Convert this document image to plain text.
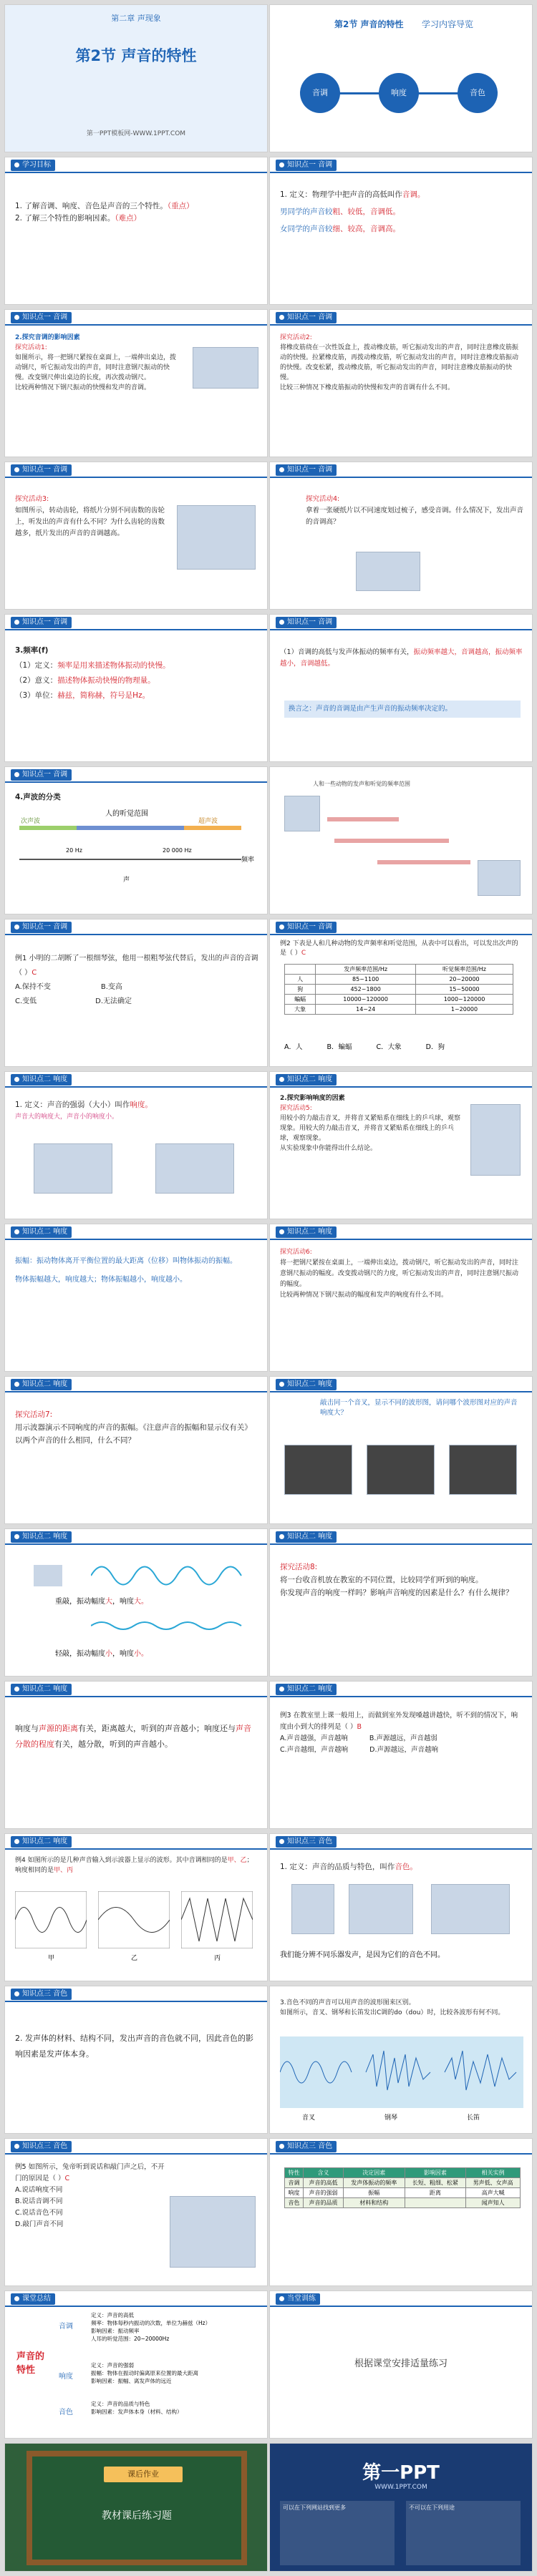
第二章 声现象
第2节 声音的特性
第一PPT模板网-WWW.1PPT.COM
第2节 声音的特性 学习内容导览
音调	响度	音色
学习目标
1. 了解音调、响度、音色是声音的三个特性。（重点）
2. 了解三个特性的影响因素。（难点）
知识点一 音调
1. 定义：物理学中把声音的高低叫作音调。
男同学的声音较粗、较低，音调低。
女同学的声音较细、较高，音调高。
知识点一 音调
2.探究音调的影响因素
探究活动1:
如图所示，将一把钢尺紧按在桌面上，一端伸出桌边，拨动钢尺，听它振动发出的声音，同时注意钢尺振动的快慢。改变钢尺伸出桌边的长度，再次拨动钢尺。
比较两种情况下钢尺振动的快慢和发声的音调。
知识点一 音调
探究活动2:
将橡皮筋绕在一次性饭盒上，拨动橡皮筋，听它振动发出的声音，同时注意橡皮筋振动的快慢。拉紧橡皮筋，再拨动橡皮筋，听它振动发出的声音，同时注意橡皮筋振动的快慢。改变松紧，拨动橡皮筋，听它振动发出的声音，同时注意橡皮筋振动的快慢。
比较三种情况下橡皮筋振动的快慢和发声的音调有什么不同。
知识点一 音调
探究活动3:
如图所示，转动齿轮，将纸片分别不同齿数的齿轮上，听发出的声音有什么不同？为什么齿轮的齿数越多，纸片发出的声音的音调越高。
知识点一 音调
探究活动4:
拿着一张硬纸片以不同速度划过梳子，感受音调。什么情况下，发出声音的音调高？
知识点一 音调
3.频率(f)
（1）定义：频率是用来描述物体振动的快慢。
（2）意义：描述物体振动快慢的物理量。
（3）单位：赫兹，简称赫，符号是Hz。
知识点一 音调
（1）音调的高低与发声体振动的频率有关，振动频率越大，音调越高，振动频率越小，音调越低。
换言之：声音的音调是由产生声音的振动频率决定的。
知识点一 音调
4.声波的分类
人的听觉范围
次声波	超声波
20 Hz	20 000 Hz
频率
声
人和一些动物的发声和听觉的频率范围
知识点一 音调
例1 小明的二胡断了一根细琴弦，他用一根粗琴弦代替后，发出的声音的音调（ ）C
A.保持不变	B.变高
C.变低	D.无法确定
知识点一 音调
例2 下表是人和几种动物的发声频率和听觉范围，从表中可以看出，可以发出次声的是（ ）C
	发声频率范围/Hz	听觉频率范围/Hz
人	85~1100	20~20000
狗	452~1800	15~50000
蝙蝠	10000~120000	1000~120000
大象	14~24	1~20000
A．人	B．蝙蝠	C．大象	D．狗
知识点二 响度
1. 定义：声音的强弱（大小）叫作响度。
声音大的响度大，声音小的响度小。
知识点二 响度
2.探究影响响度的因素
探究活动5:
用较小的力敲击音叉，并将音叉紧贴系在细线上的乒乓球，观察现象。用较大的力敲击音叉，并将音叉紧贴系在细线上的乒乓球，观察现象。
从实验现象中你能得出什么结论。
知识点二 响度
振幅：振动物体离开平衡位置的最大距离（位移）叫物体振动的振幅。
物体振幅越大，响度越大；物体振幅越小，响度越小。
知识点二 响度
探究活动6:
将一把钢尺紧按在桌面上，一端伸出桌边，拨动钢尺，听它振动发出的声音，同时注意钢尺振动的幅度。改变拨动钢尺的力度，听它振动发出的声音，同时注意钢尺振动的幅度。
比较两种情况下钢尺振动的幅度和发声的响度有什么不同。
知识点二 响度
探究活动7:
用示波器演示不同响度的声音的振幅。《注意声音的振幅和显示仪有关》
以两个声音的什么相同，什么不同？
知识点二 响度
敲击同一个音叉，显示不同的波形图，请问哪个波形图对应的声音响度大？
知识点二 响度
重敲，振动幅度大，响度大。
轻敲，振动幅度小，响度小。
知识点二 响度
探究活动8:
将一台收音机放在教室的不同位置，比较同学们听到的响度。
你发现声音的响度一样吗？影响声音响度的因素是什么？有什么规律？
知识点二 响度
响度与声源的距离有关，距离越大，听到的声音越小；响度还与声音分散的程度有关，越分散，听到的声音越小。
知识点二 响度
例3 在教室里上课一般用上，而做到室外发现嗓越讲越快，听不到的情况下，响度由小到大的排列是（ ）B
A.声音越强，声音越响	B.声源越远，声音越弱
C.声音越细，声音越响	D.声源越远，声音越响
知识点二 响度
例4 如图所示的是几种声音输入到示波器上显示的波形。其中音调相同的是甲、乙；响度相同的是甲、丙
甲	乙	丙
知识点三 音色
1. 定义：声音的品质与特色，叫作音色。
我们能分辨不同乐器发声，是因为它们的音色不同。
知识点三 音色
2. 发声体的材料、结构不同，发出声音的音色就不同，因此音色的影响因素是发声体本身。
3.音色不同的声音可以用声音的波形图来区别。
如图所示，音叉、钢琴和长笛发出C调的do（dou）时，比较各波形有何不同。
音叉	钢琴	长笛
知识点三 音色
例5 如图所示，兔帝听到说话和敲门声之后，不开门的原因是（ ）C
A.说话响度不同
B.说话音调不同
C.说话音色不同
D.敲门声音不同
知识点三 音色
特性	含义	决定因素	影响因素	相关实例
音调	声音的高低	发声体振动的频率	长短、粗细、松紧	男声低、女声高
响度	声音的强弱	振幅	距离	高声大喊
音色	声音的品质	材料和结构		闻声知人
课堂总结
声音的特性
音调
响度
音色
定义：声音的高低
频率：物体每秒内振动的次数，单位为赫兹（Hz）
影响因素：振动频率
人耳的听觉范围：20~20000Hz
定义：声音的强弱
振幅：物体在振动时偏离原来位置的最大距离
影响因素：振幅、离发声体的远近
定义：声音的品质与特色
影响因素：发声体本身（材料、结构）
当堂训练
根据课堂安排适量练习
课后作业
教材课后练习题
第一PPT
WWW.1PPT.COM
可以在下列网站找到更多	不可以在下列用途
